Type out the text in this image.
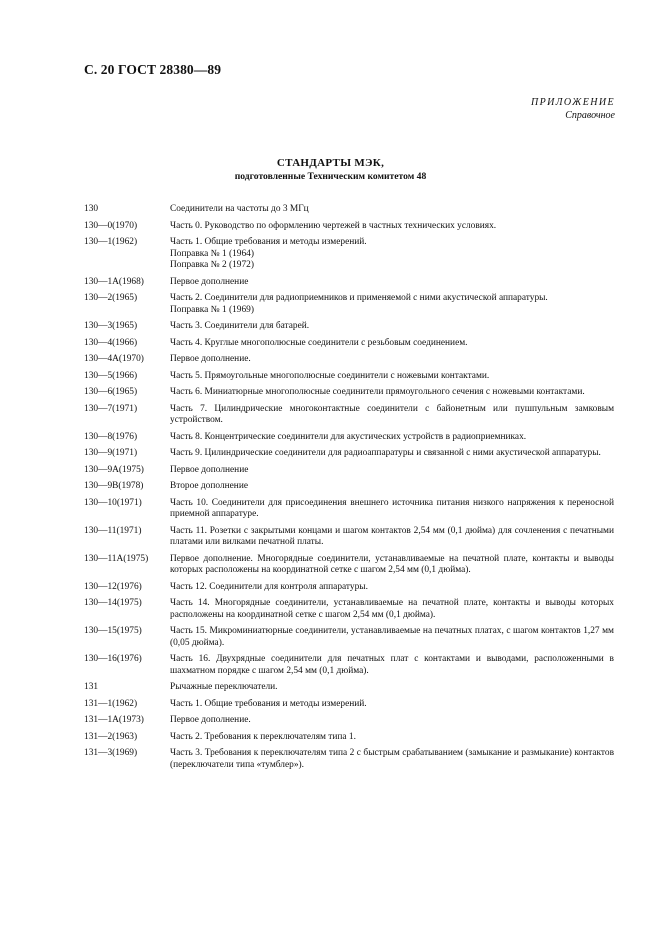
С. 20 ГОСТ 28380—89
ПРИЛОЖЕНИЕ
Справочное
СТАНДАРТЫ МЭК,
подготовленные Техническим комитетом 48
130	Соединители на частоты до 3 МГц
130—0(1970)	Часть 0. Руководство по оформлению чертежей в частных технических условиях.
130—1(1962)	Часть 1. Общие требования и методы измерений.
Поправка № 1 (1964)
Поправка № 2 (1972)
130—1А(1968)	Первое дополнение
130—2(1965)	Часть 2. Соединители для радиоприемников и применяемой с ними акустической аппаратуры.
Поправка № 1 (1969)
130—3(1965)	Часть 3. Соединители для батарей.
130—4(1966)	Часть 4. Круглые многополюсные соединители с резьбовым соединением.
130—4А(1970)	Первое дополнение.
130—5(1966)	Часть 5. Прямоугольные многополюсные соединители с ножевыми контактами.
130—6(1965)	Часть 6. Миниатюрные многополюсные соединители прямоугольного сечения с ножевыми контактами.
130—7(1971)	Часть 7. Цилиндрические многоконтактные соединители с байонетным или пушпульным замковым устройством.
130—8(1976)	Часть 8. Концентрические соединители для акустических устройств в радиоприемниках.
130—9(1971)	Часть 9. Цилиндрические соединители для радиоаппаратуры и связанной с ними акустической аппаратуры.
130—9А(1975)	Первое дополнение
130—9В(1978)	Второе дополнение
130—10(1971)	Часть 10. Соединители для присоединения внешнего источника питания низкого напряжения к переносной приемной аппаратуре.
130—11(1971)	Часть 11. Розетки с закрытыми концами и шагом контактов 2,54 мм (0,1 дюйма) для сочленения с печатными платами или вилками печатной платы.
130—11А(1975)	Первое дополнение. Многорядные соединители, устанавливаемые на печатной плате, контакты и выводы которых расположены на координатной сетке с шагом 2,54 мм (0,1 дюйма).
130—12(1976)	Часть 12. Соединители для контроля аппаратуры.
130—14(1975)	Часть 14. Многорядные соединители, устанавливаемые на печатной плате, контакты и выводы которых расположены на координатной сетке с шагом 2,54 мм (0,1 дюйма).
130—15(1975)	Часть 15. Микроминиатюрные соединители, устанавливаемые на печатных платах, с шагом контактов 1,27 мм (0,05 дюйма).
130—16(1976)	Часть 16. Двухрядные соединители для печатных плат с контактами и выводами, расположенными в шахматном порядке с шагом 2,54 мм (0,1 дюйма).
131	Рычажные переключатели.
131—1(1962)	Часть 1. Общие требования и методы измерений.
131—1А(1973)	Первое дополнение.
131—2(1963)	Часть 2. Требования к переключателям типа 1.
131—3(1969)	Часть 3. Требования к переключателям типа 2 с быстрым срабатыванием (замыкание и размыкание) контактов (переключатели типа «тумблер»).
